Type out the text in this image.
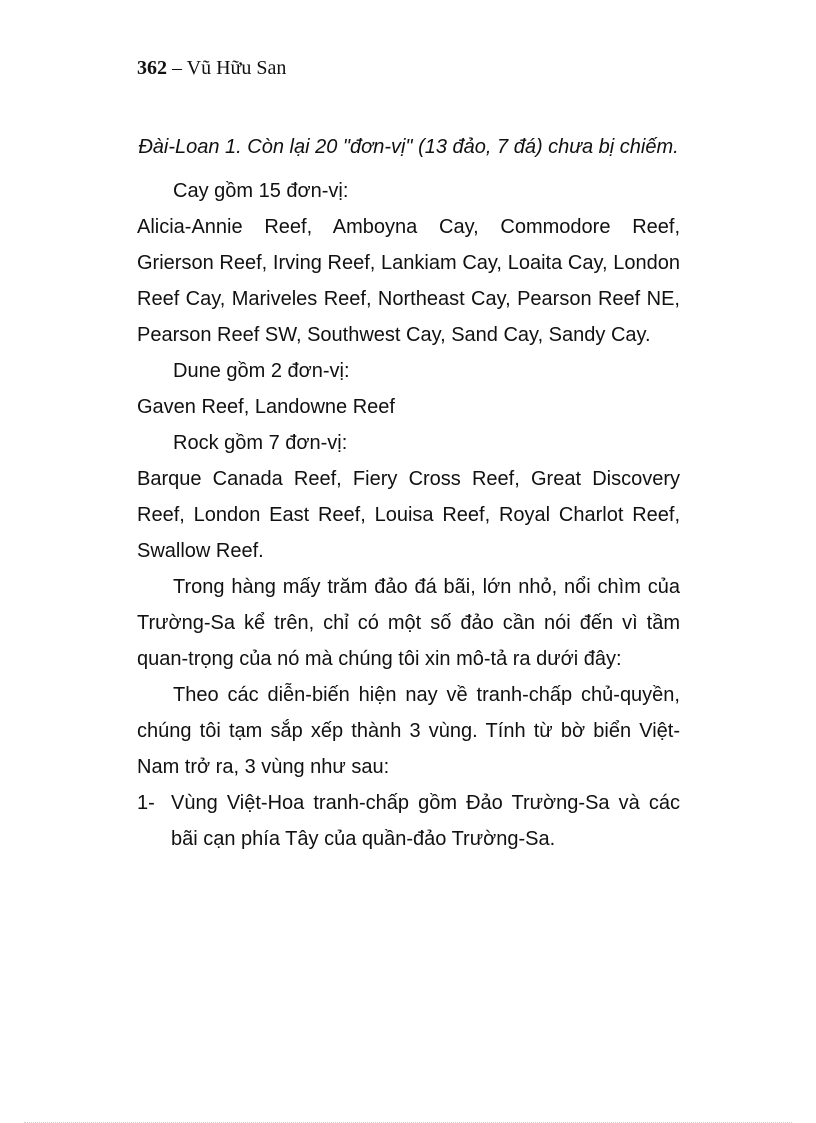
362 – Vũ Hữu San

Đài-Loan 1. Còn lại 20 "đơn-vị" (13 đảo, 7 đá) chưa bị chiếm.

Cay gồm 15 đơn-vị:

Alicia-Annie Reef, Amboyna Cay, Commodore Reef, Grierson Reef, Irving Reef, Lankiam Cay, Loaita Cay, London Reef Cay, Mariveles Reef, Northeast Cay, Pearson Reef NE, Pearson Reef SW, Southwest Cay, Sand Cay, Sandy Cay.

Dune gồm 2 đơn-vị:

Gaven Reef, Landowne Reef

Rock gồm 7 đơn-vị:

Barque Canada Reef, Fiery Cross Reef, Great Discovery Reef, London East Reef, Louisa Reef, Royal Charlot Reef, Swallow Reef.

Trong hàng mấy trăm đảo đá bãi, lớn nhỏ, nổi chìm của Trường-Sa kể trên, chỉ có một số đảo cần nói đến vì tầm quan-trọng của nó mà chúng tôi xin mô-tả ra dưới đây:

Theo các diễn-biến hiện nay về tranh-chấp chủ-quyền, chúng tôi tạm sắp xếp thành 3 vùng. Tính từ bờ biển Việt-Nam trở ra, 3 vùng như sau:

1- Vùng Việt-Hoa tranh-chấp gồm Đảo Trường-Sa và các bãi cạn phía Tây của quần-đảo Trường-Sa.
